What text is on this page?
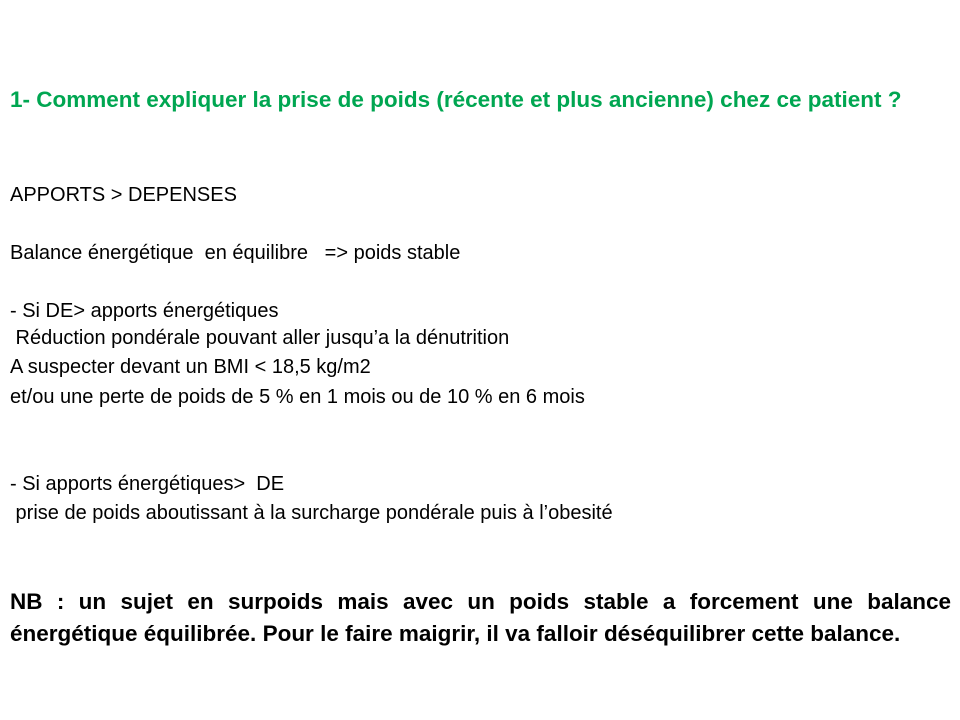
1- Comment expliquer la prise de poids (récente et plus ancienne) chez ce patient ?

APPORTS > DEPENSES

Balance énergétique  en équilibre   => poids stable

- Si DE> apports énergétiques

Réduction pondérale pouvant aller jusqu’a la dénutrition

A suspecter devant un BMI < 18,5 kg/m2

et/ou une perte de poids de 5 % en 1 mois ou de 10 % en 6 mois

- Si apports énergétiques>  DE

prise de poids aboutissant à la surcharge pondérale puis à l’obesité

NB : un sujet en surpoids mais avec un poids stable a forcement une balance énergétique équilibrée. Pour le faire maigrir, il va falloir déséquilibrer cette balance.
